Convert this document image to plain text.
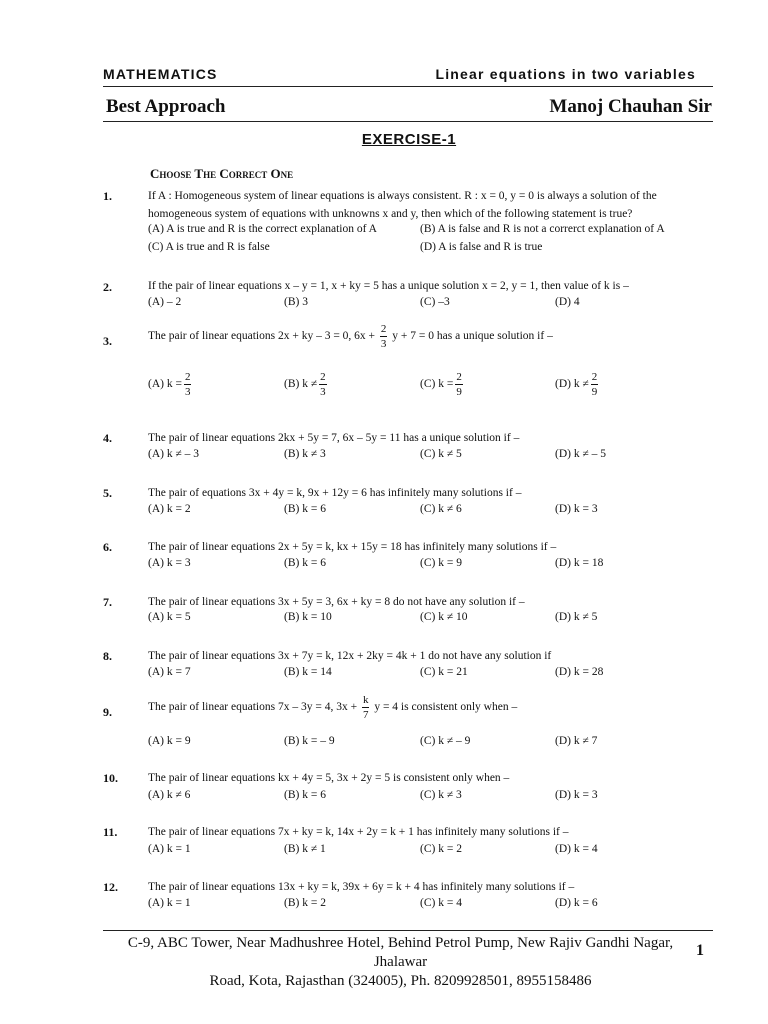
MATHEMATICS	Linear equations in two variables
Best Approach	Manoj Chauhan Sir
EXERCISE-1
Choose The Correct One
1.	If A : Homogeneous system of linear equations is always consistent. R : x = 0, y = 0 is always a solution of the
homogeneous system of equations with unknowns x and y, then which of the following statement is true?
(A) A is true and R is the correct explanation of A	(B) A is false and R is not a correrct explanation of A
(C) A is true and R is false	(D) A is false and R is true
2.	If the pair of linear equations x – y = 1, x + ky = 5 has a unique solution x = 2, y = 1, then value of k is –
(A) – 2	(B) 3	(C) –3	(D) 4
3.	The pair of linear equations 2x + ky – 3 = 0, $6x + \frac{2}{3}$ y + 7 = 0 has a unique solution if –
(A) $k = \frac{2}{3}$	(B) $k \ne \frac{2}{3}$	(C) $k = \frac{2}{9}$	(D) $k \ne \frac{2}{9}$
4.	The pair of linear equations 2kx + 5y = 7, 6x – 5y = 11 has a unique solution if –
(A) k ≠ – 3	(B) k ≠ 3	(C) k ≠ 5	(D) k ≠ – 5
5.	The pair of equations 3x + 4y = k, 9x + 12y = 6 has infinitely many solutions if –
(A) k = 2	(B) k = 6	(C) k ≠ 6	(D) k = 3
6.	The pair of linear equations 2x + 5y = k, kx + 15y = 18 has infinitely many solutions if –
(A) k = 3	(B) k = 6	(C) k = 9	(D) k = 18
7.	The pair of linear equations 3x + 5y = 3, 6x + ky = 8 do not have any solution if –
(A) k = 5	(B) k = 10	(C) k ≠ 10	(D) k ≠ 5
8.	The pair of linear equations 3x + 7y = k, 12x + 2ky = 4k + 1 do not have any solution if
(A) k = 7	(B) k = 14	(C) k = 21	(D) k = 28
9.	The pair of linear equations 7x – 3y = 4, $3x + \frac{k}{7}$ y = 4 is consistent only when –
(A) k = 9	(B) k = – 9	(C) k ≠ – 9	(D) k ≠ 7
10.	The pair of linear equations kx + 4y = 5, 3x + 2y = 5 is consistent only when –
(A) k ≠ 6	(B) k = 6	(C) k ≠ 3	(D) k = 3
11.	The pair of linear equations 7x + ky = k, 14x + 2y = k + 1 has infinitely many solutions if –
(A) k = 1	(B) k ≠ 1	(C) k = 2	(D) k = 4
12.	The pair of linear equations 13x + ky = k, 39x + 6y = k + 4 has infinitely many solutions if –
(A) k = 1	(B) k = 2	(C) k = 4	(D) k = 6
C-9, ABC Tower, Near Madhushree Hotel, Behind Petrol Pump, New Rajiv Gandhi Nagar, Jhalawar
Road, Kota, Rajasthan (324005), Ph. 8209928501, 8955158486
1
